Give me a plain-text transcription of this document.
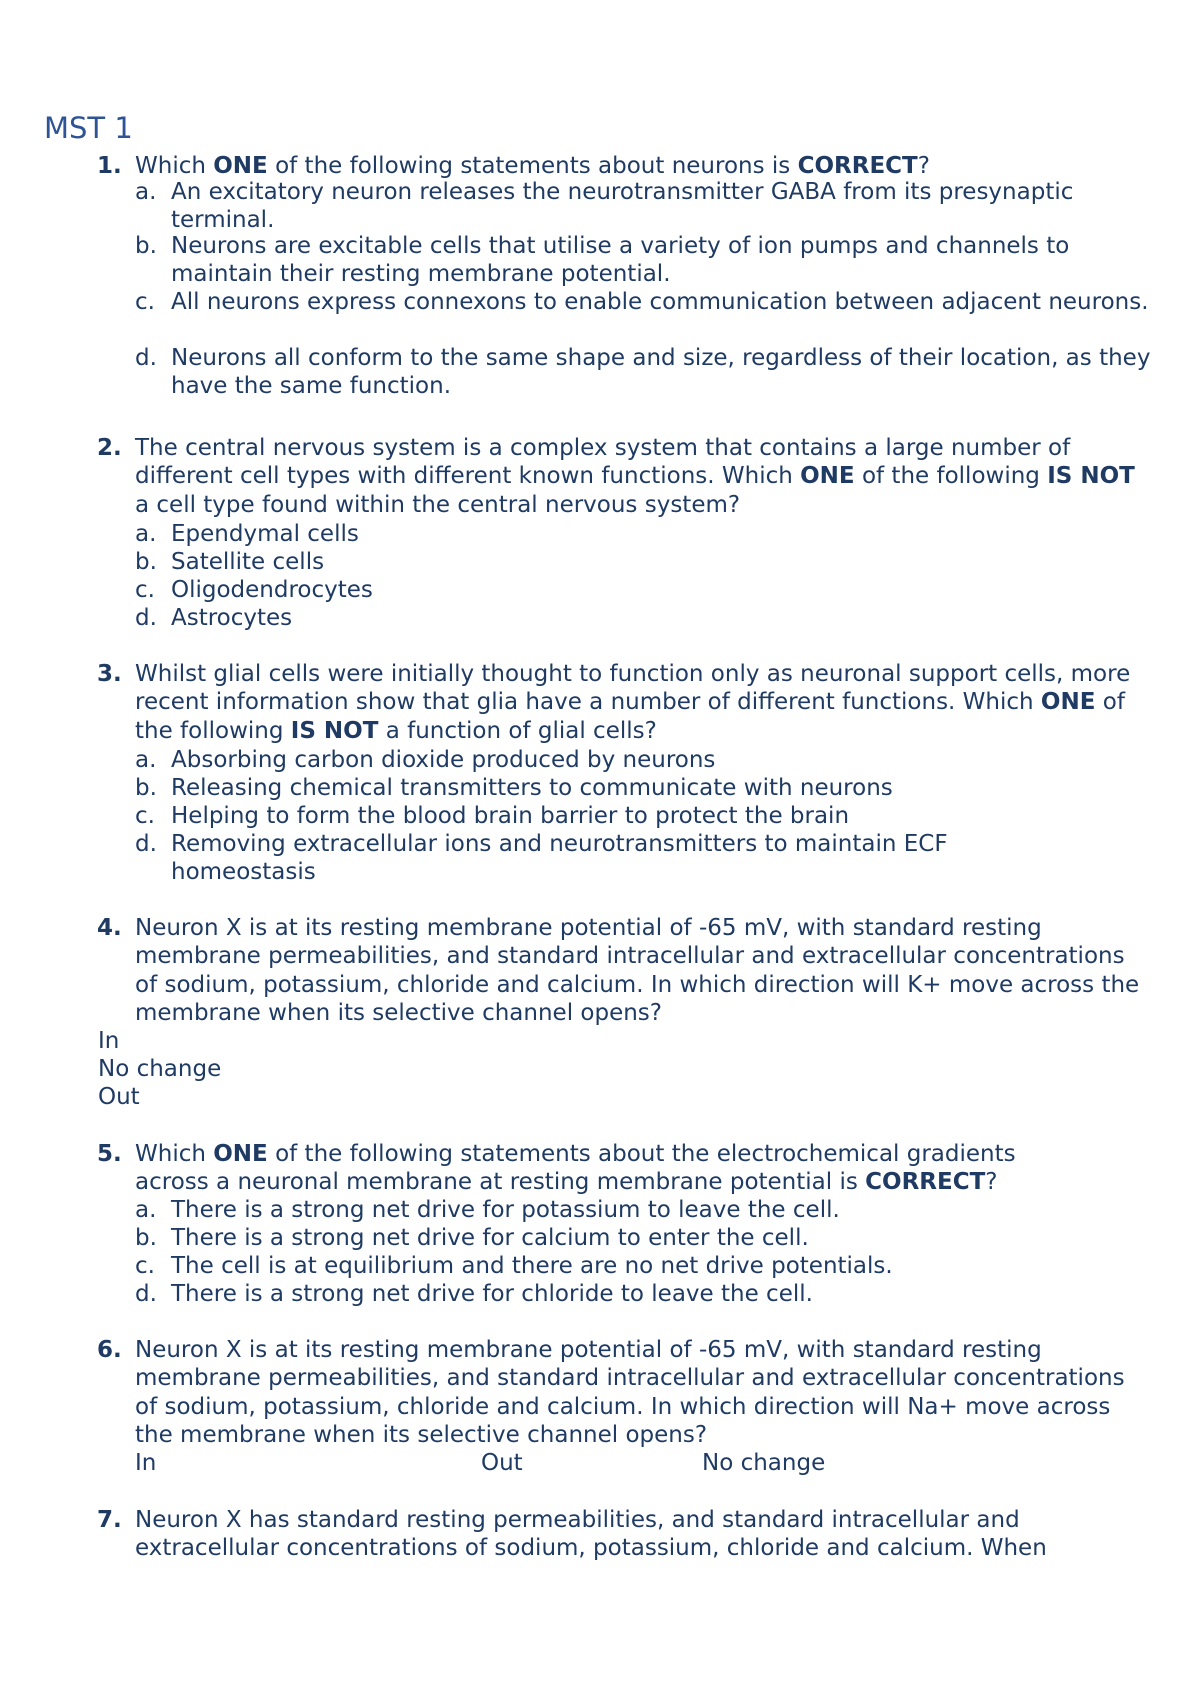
MST 1
1. Which ONE of the following statements about neurons is CORRECT?
a. An excitatory neuron releases the neurotransmitter GABA from its presynaptic terminal.
b. Neurons are excitable cells that utilise a variety of ion pumps and channels to maintain their resting membrane potential.
c. All neurons express connexons to enable communication between adjacent neurons.
d. Neurons all conform to the same shape and size, regardless of their location, as they have the same function.
2. The central nervous system is a complex system that contains a large number of different cell types with different known functions. Which ONE of the following IS NOT a cell type found within the central nervous system?
a. Ependymal cells
b. Satellite cells
c. Oligodendrocytes
d. Astrocytes
3. Whilst glial cells were initially thought to function only as neuronal support cells, more recent information show that glia have a number of different functions. Which ONE of the following IS NOT a function of glial cells?
a. Absorbing carbon dioxide produced by neurons
b. Releasing chemical transmitters to communicate with neurons
c. Helping to form the blood brain barrier to protect the brain
d. Removing extracellular ions and neurotransmitters to maintain ECF homeostasis
4. Neuron X is at its resting membrane potential of -65 mV, with standard resting membrane permeabilities, and standard intracellular and extracellular concentrations of sodium, potassium, chloride and calcium. In which direction will K+ move across the membrane when its selective channel opens?
In
No change
Out
5. Which ONE of the following statements about the electrochemical gradients across a neuronal membrane at resting membrane potential is CORRECT?
a. There is a strong net drive for potassium to leave the cell.
b. There is a strong net drive for calcium to enter the cell.
c. The cell is at equilibrium and there are no net drive potentials.
d. There is a strong net drive for chloride to leave the cell.
6. Neuron X is at its resting membrane potential of -65 mV, with standard resting membrane permeabilities, and standard intracellular and extracellular concentrations of sodium, potassium, chloride and calcium. In which direction will Na+ move across the membrane when its selective channel opens?
In	Out	No change
7. Neuron X has standard resting permeabilities, and standard intracellular and extracellular concentrations of sodium, potassium, chloride and calcium. When
